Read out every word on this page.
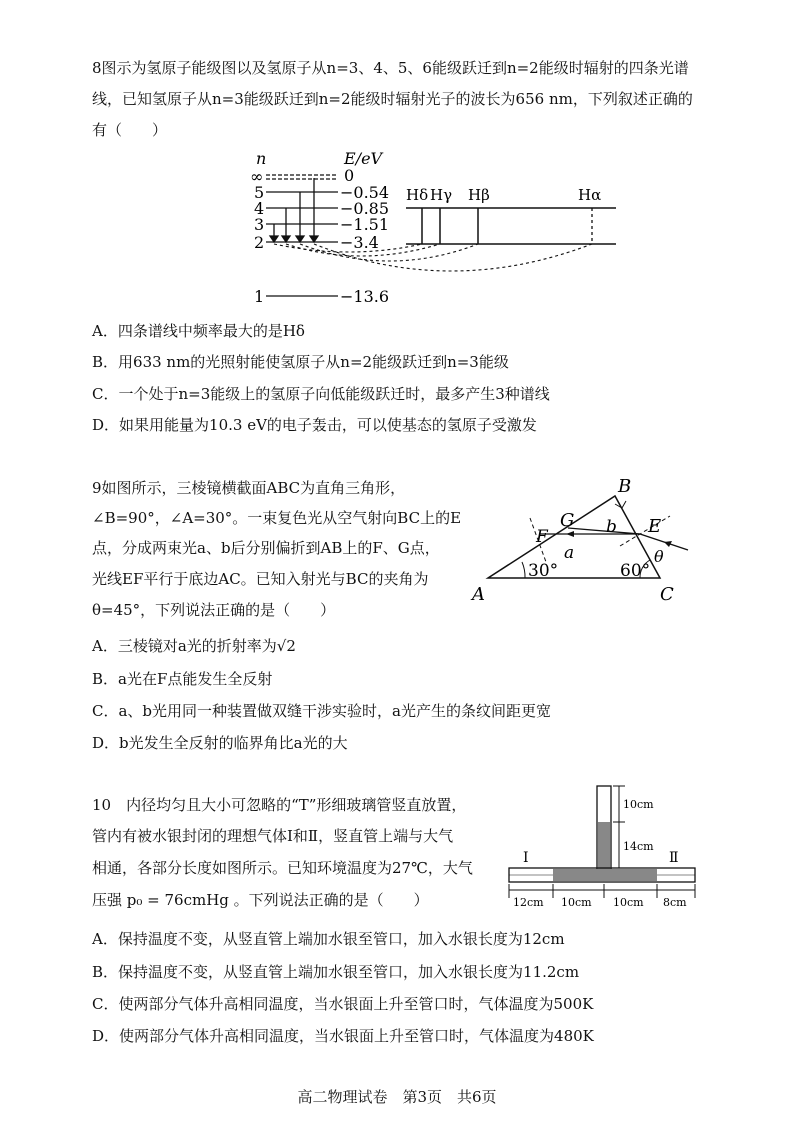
8图示为氢原子能级图以及氢原子从n=3、4、5、6能级跃迁到n=2能级时辐射的四条光谱
线，已知氢原子从n=3能级跃迁到n=2能级时辐射光子的波长为656 nm，下列叙述正确的
有（　　）
n	E/eV
∞	0
5	−0.54
4	−0.85
3	−1.51
2	−3.4
1	−13.6
Hδ Hγ Hβ	Hα
A．四条谱线中频率最大的是Hδ
B．用633 nm的光照射能使氢原子从n=2能级跃迁到n=3能级
C．一个处于n=3能级上的氢原子向低能级跃迁时，最多产生3种谱线
D．如果用能量为10.3 eV的电子轰击，可以使基态的氢原子受激发
9如图所示，三棱镜横截面ABC为直角三角形，
∠B=90°，∠A=30°。一束复色光从空气射向BC上的E
点，分成两束光a、b后分别偏折到AB上的F、G点，
光线EF平行于底边AC。已知入射光与BC的夹角为
θ=45°，下列说法正确的是（　　）
B
A	C
E
F
G
a
b
θ
30°	60°
A．三棱镜对a光的折射率为√2
B．a光在F点能发生全反射
C．a、b光用同一种装置做双缝干涉实验时，a光产生的条纹间距更宽
D．b光发生全反射的临界角比a光的大
10　内径均匀且大小可忽略的“T”形细玻璃管竖直放置，
管内有被水银封闭的理想气体Ⅰ和Ⅱ，竖直管上端与大气
相通，各部分长度如图所示。已知环境温度为27℃，大气
压强 p₀ = 76cmHg 。下列说法正确的是（　　）
Ⅰ	Ⅱ
10cm
14cm
12cm 10cm 10cm 8cm
A．保持温度不变，从竖直管上端加水银至管口，加入水银长度为12cm
B．保持温度不变，从竖直管上端加水银至管口，加入水银长度为11.2cm
C．使两部分气体升高相同温度，当水银面上升至管口时，气体温度为500K
D．使两部分气体升高相同温度，当水银面上升至管口时，气体温度为480K
高二物理试卷　第3页　共6页
